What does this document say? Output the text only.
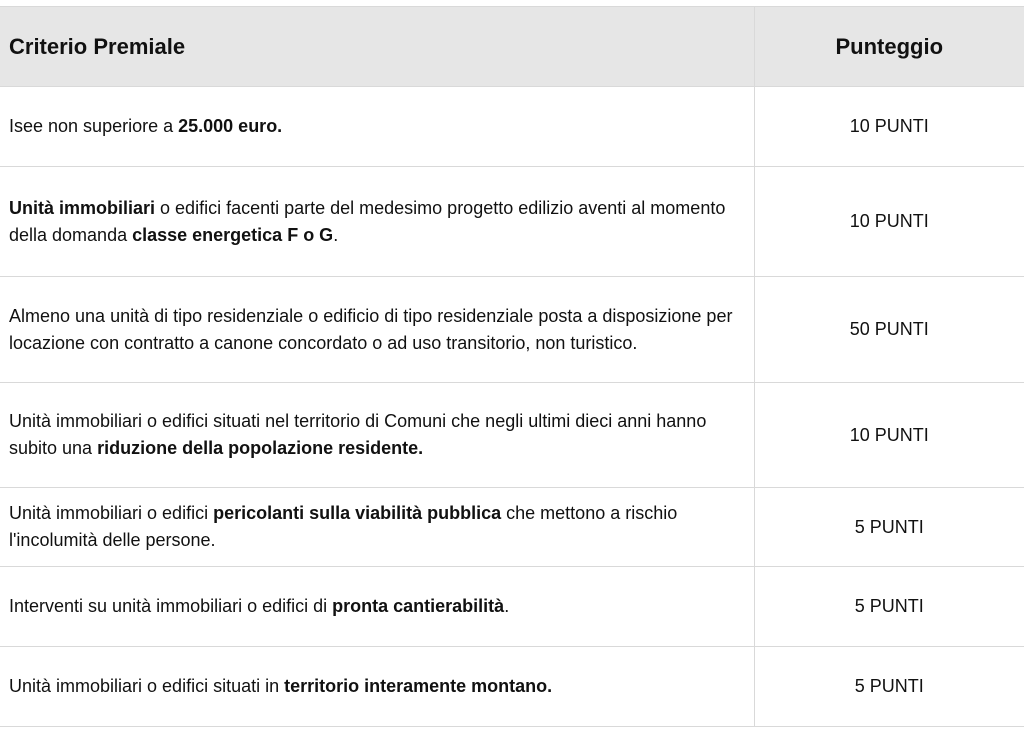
Criterio Premiale	Punteggio
Isee non superiore a 25.000 euro.	10 PUNTI
Unità immobiliari o edifici facenti parte del medesimo progetto edilizio aventi al momento della domanda classe energetica F o G.	10 PUNTI
Almeno una unità di tipo residenziale o edificio di tipo residenziale posta a disposizione per locazione con contratto a canone concordato o ad uso transitorio, non turistico.	50 PUNTI
Unità immobiliari o edifici situati nel territorio di Comuni che negli ultimi dieci anni hanno subito una riduzione della popolazione residente.	10 PUNTI
Unità immobiliari o edifici pericolanti sulla viabilità pubblica che mettono a rischio l'incolumità delle persone.	5 PUNTI
Interventi su unità immobiliari o edifici di pronta cantierabilità.	5 PUNTI
Unità immobiliari o edifici situati in territorio interamente montano.	5 PUNTI
